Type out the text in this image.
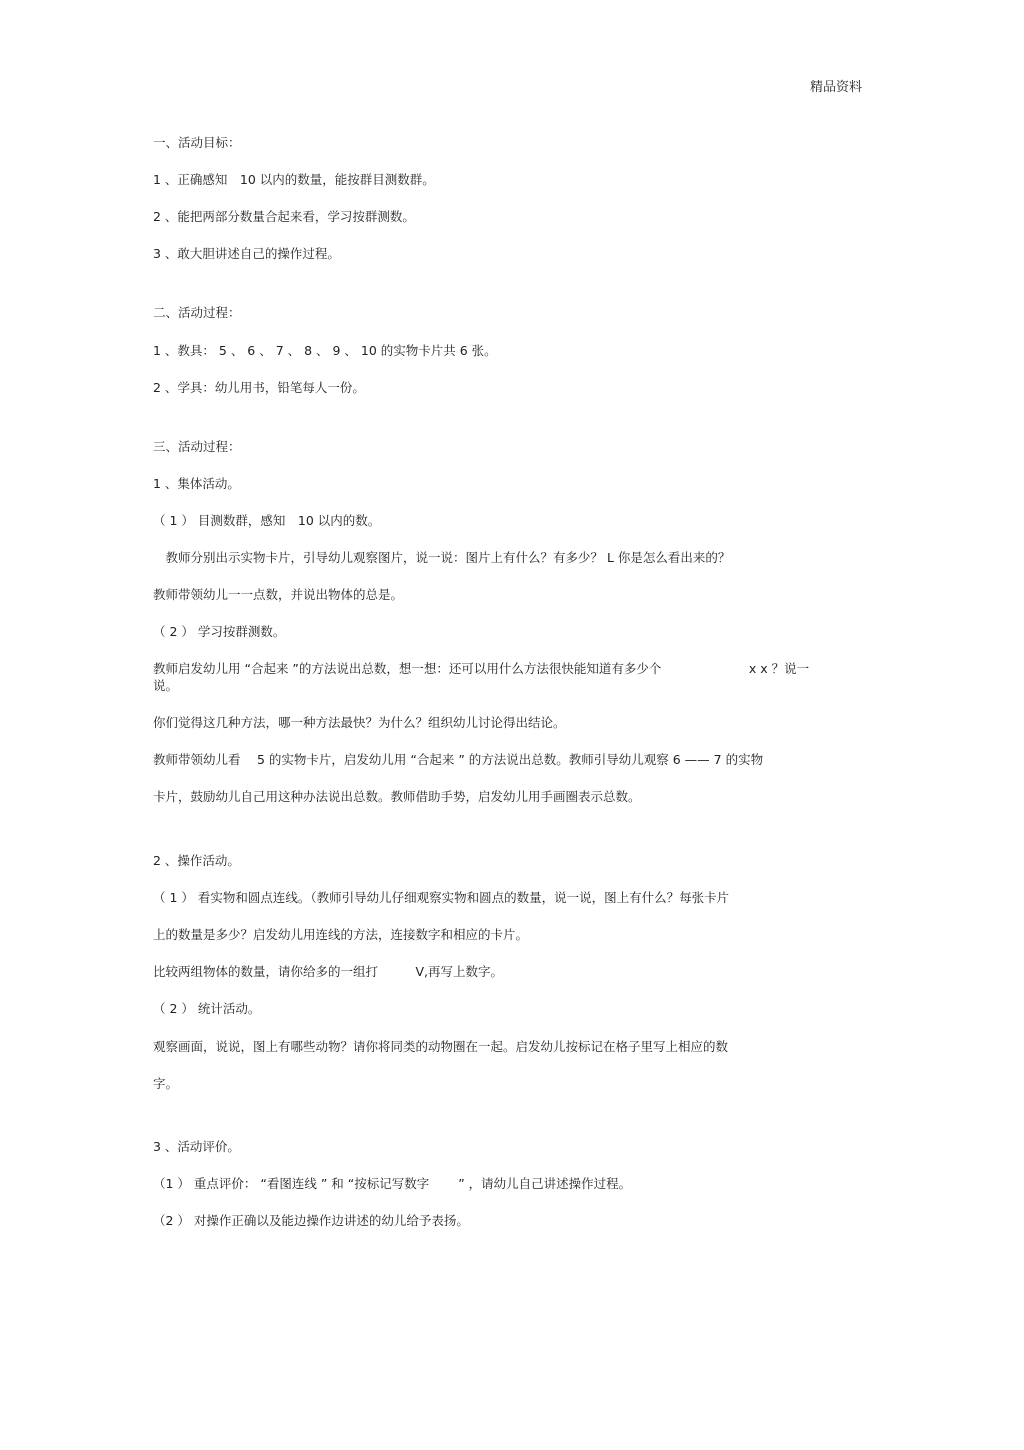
精品资料
一、活动目标：
1 、正确感知　10 以内的数量，能按群目测数群。
2 、能把两部分数量合起来看，学习按群测数。
3 、敢大胆讲述自己的操作过程。
二、活动过程：
1 、教具： 5 、 6 、 7 、 8 、 9 、 10 的实物卡片共 6 张。
2 、学具：幼儿用书，铅笔每人一份。
三、活动过程：
1 、集体活动。
（ 1 ） 目测数群，感知　10 以内的数。
　教师分别出示实物卡片，引导幼儿观察图片，说一说：图片上有什么？有多少？ L 你是怎么看出来的？
教师带领幼儿一一点数，并说出物体的总是。
（ 2 ） 学习按群测数。
教师启发幼儿用 “合起来 ”的方法说出总数，想一想：还可以用什么方法很快能知道有多少个　　　　　　　x x ？说一说。
你们觉得这几种方法，哪一种方法最快？为什么？组织幼儿讨论得出结论。
教师带领幼儿看　 5 的实物卡片，启发幼儿用 “合起来 ” 的方法说出总数。教师引导幼儿观察 6 —— 7 的实物
卡片，鼓励幼儿自己用这种办法说出总数。教师借助手势，启发幼儿用手画圈表示总数。
2 、操作活动。
（ 1 ） 看实物和圆点连线。（教师引导幼儿仔细观察实物和圆点的数量，说一说，图上有什么？每张卡片
上的数量是多少？启发幼儿用连线的方法，连接数字和相应的卡片。
比较两组物体的数量，请你给多的一组打　　　V,再写上数字。
（ 2 ） 统计活动。
观察画面，说说，图上有哪些动物？请你将同类的动物圈在一起。启发幼儿按标记在格子里写上相应的数
字。
3 、活动评价。
（1 ） 重点评价： “看图连线 ” 和 “按标记写数字　　 ” ，请幼儿自己讲述操作过程。
（2 ） 对操作正确以及能边操作边讲述的幼儿给予表扬。
